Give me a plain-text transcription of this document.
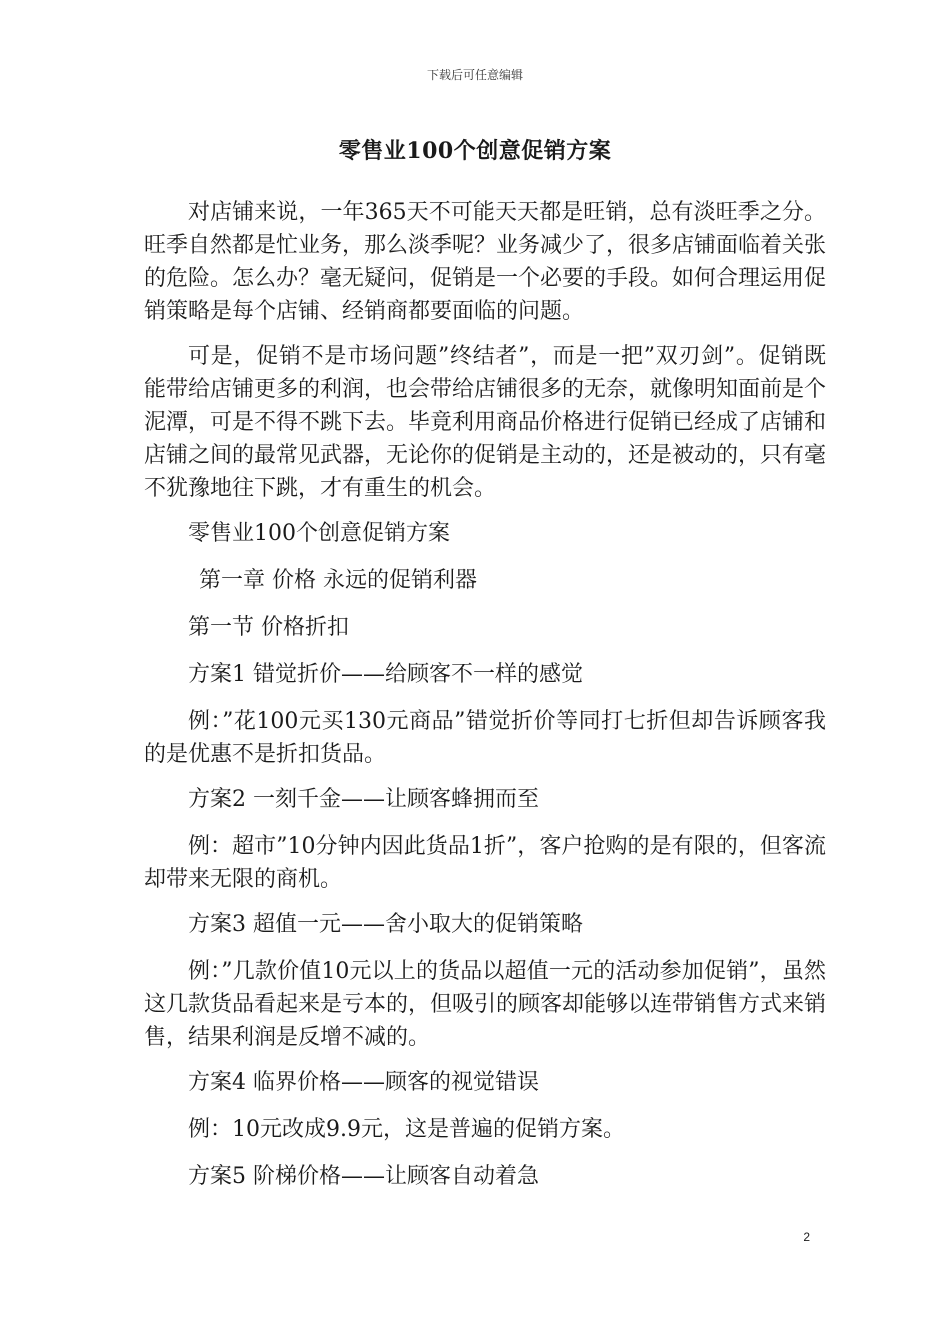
下载后可任意编辑
零售业100个创意促销方案

对店铺来说，一年365天不可能天天都是旺销，总有淡旺季之分。旺季自然都是忙业务，那么淡季呢？业务减少了，很多店铺面临着关张的危险。怎么办？毫无疑问，促销是一个必要的手段。如何合理运用促销策略是每个店铺、经销商都要面临的问题。

可是，促销不是市场问题”终结者”，而是一把”双刃剑”。促销既能带给店铺更多的利润，也会带给店铺很多的无奈，就像明知面前是个泥潭，可是不得不跳下去。毕竟利用商品价格进行促销已经成了店铺和店铺之间的最常见武器，无论你的促销是主动的，还是被动的，只有毫不犹豫地往下跳，才有重生的机会。

零售业100个创意促销方案

第一章 价格 永远的促销利器

第一节 价格折扣

方案1 错觉折价——给顾客不一样的感觉

例：”花100元买130元商品”错觉折价等同打七折但却告诉顾客我的是优惠不是折扣货品。

方案2 一刻千金——让顾客蜂拥而至

例：超市”10分钟内因此货品1折”，客户抢购的是有限的，但客流却带来无限的商机。

方案3 超值一元——舍小取大的促销策略

例：”几款价值10元以上的货品以超值一元的活动参加促销”，虽然这几款货品看起来是亏本的，但吸引的顾客却能够以连带销售方式来销售，结果利润是反增不减的。

方案4 临界价格——顾客的视觉错误

例：10元改成9.9元，这是普遍的促销方案。

方案5 阶梯价格——让顾客自动着急

2
